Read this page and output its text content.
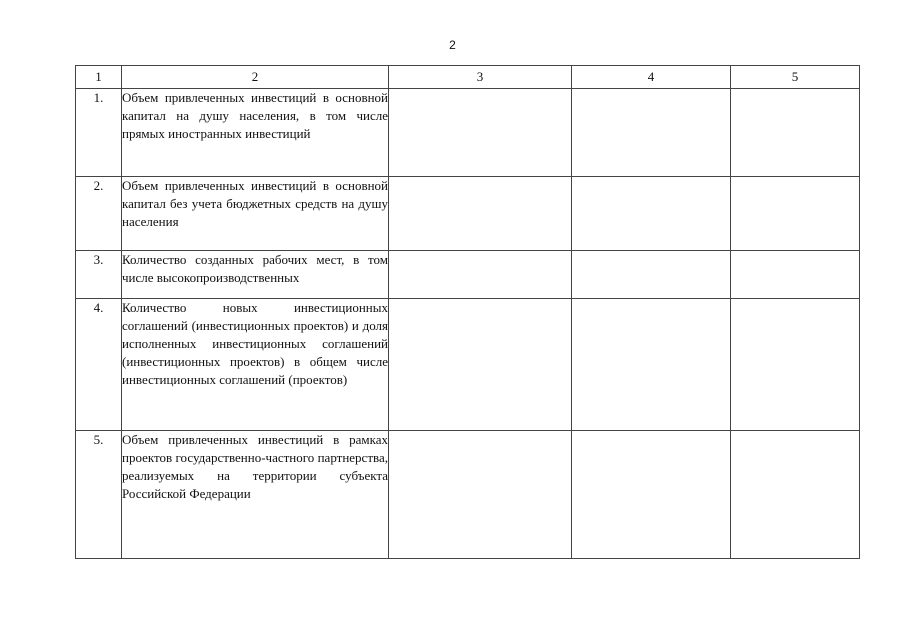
2
1	2	3	4	5
1.	Объем привлеченных инвестиций в основной капитал на душу населения, в том числе прямых иностранных инвестиций			
2.	Объем привлеченных инвестиций в основной капитал без учета бюджетных средств на душу населения			
3.	Количество созданных рабочих мест, в том числе высокопроизводственных			
4.	Количество новых инвестиционных соглашений (инвестиционных проектов) и доля исполненных инвестиционных соглашений (инвестиционных проектов) в общем числе инвестиционных соглашений (проектов)			
5.	Объем привлеченных инвестиций в рамках проектов государственно-частного партнерства, реализуемых на территории субъекта Российской Федерации			
